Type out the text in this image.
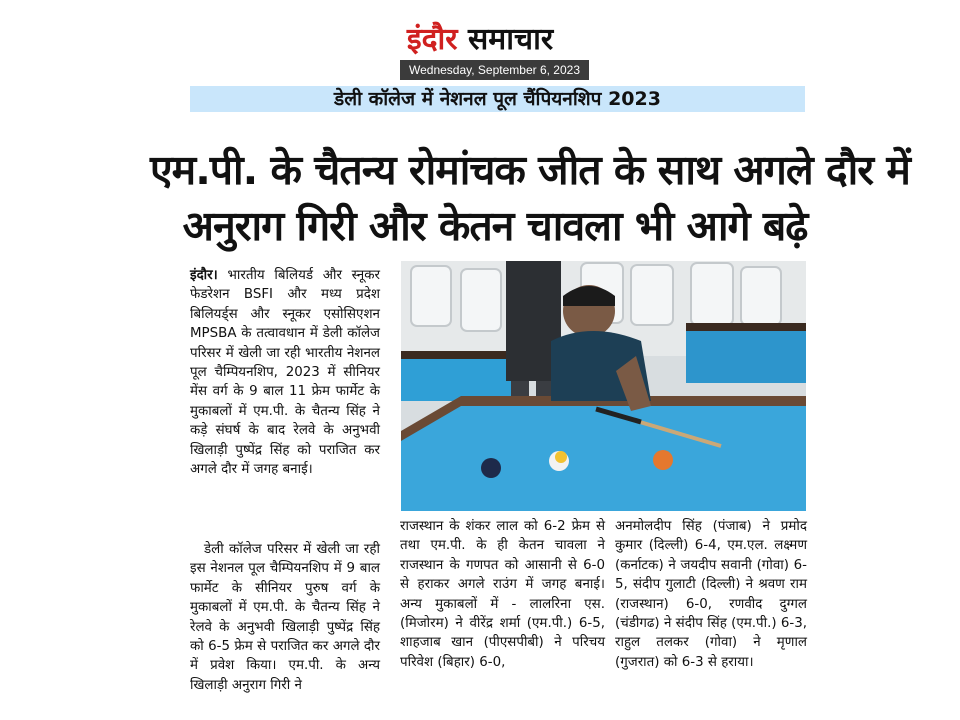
इंदौर समाचार
Wednesday, September 6, 2023
डेली कॉलेज में नेशनल पूल चैंपियनशिप 2023
एम.पी. के चैतन्य रोमांचक जीत के साथ अगले दौर में
अनुराग गिरी और केतन चावला भी आगे बढ़े

इंदौर। भारतीय बिलियर्ड और स्नूकर फेडरेशन BSFI और मध्य प्रदेश बिलियर्ड्स और स्नूकर एसोसिएशन MPSBA के तत्वावधान में डेली कॉलेज परिसर में खेली जा रही भारतीय नेशनल पूल चैम्पियनशिप, 2023 में सीनियर मेंस वर्ग के 9 बाल 11 फ्रेम फार्मेट के मुकाबलों में एम.पी. के चैतन्य सिंह ने कड़े संघर्ष के बाद रेलवे के अनुभवी खिलाड़ी पुष्पेंद्र सिंह को पराजित कर अगले दौर में जगह बनाई।

डेली कॉलेज परिसर में खेली जा रही इस नेशनल पूल चैम्पियनशिप में 9 बाल फार्मेट के सीनियर पुरुष वर्ग के मुकाबलों में एम.पी. के चैतन्य सिंह ने रेलवे के अनुभवी खिलाड़ी पुष्पेंद्र सिंह को 6-5 फ्रेम से पराजित कर अगले दौर में प्रवेश किया। एम.पी. के अन्य खिलाड़ी अनुराग गिरी ने

राजस्थान के शंकर लाल को 6-2 फ्रेम से तथा एम.पी. के ही केतन चावला ने राजस्थान के गणपत को आसानी से 6-0 से हराकर अगले राउंग में जगह बनाई। अन्य मुकाबलों में - लालरिना एस. (मिजोरम) ने वीरेंद्र शर्मा (एम.पी.) 6-5, शाहजाब खान (पीएसपीबी) ने परिचय परिवेश (बिहार) 6-0,

अनमोलदीप सिंह (पंजाब) ने प्रमोद कुमार (दिल्ली) 6-4, एम.एल. लक्ष्मण (कर्नाटक) ने जयदीप सवानी (गोवा) 6-5, संदीप गुलाटी (दिल्ली) ने श्रवण राम (राजस्थान) 6-0, रणवीद दुग्गल (चंडीगढ) ने संदीप सिंह (एम.पी.) 6-3, राहुल तलकर (गोवा) ने मृणाल (गुजरात) को 6-3 से हराया।
